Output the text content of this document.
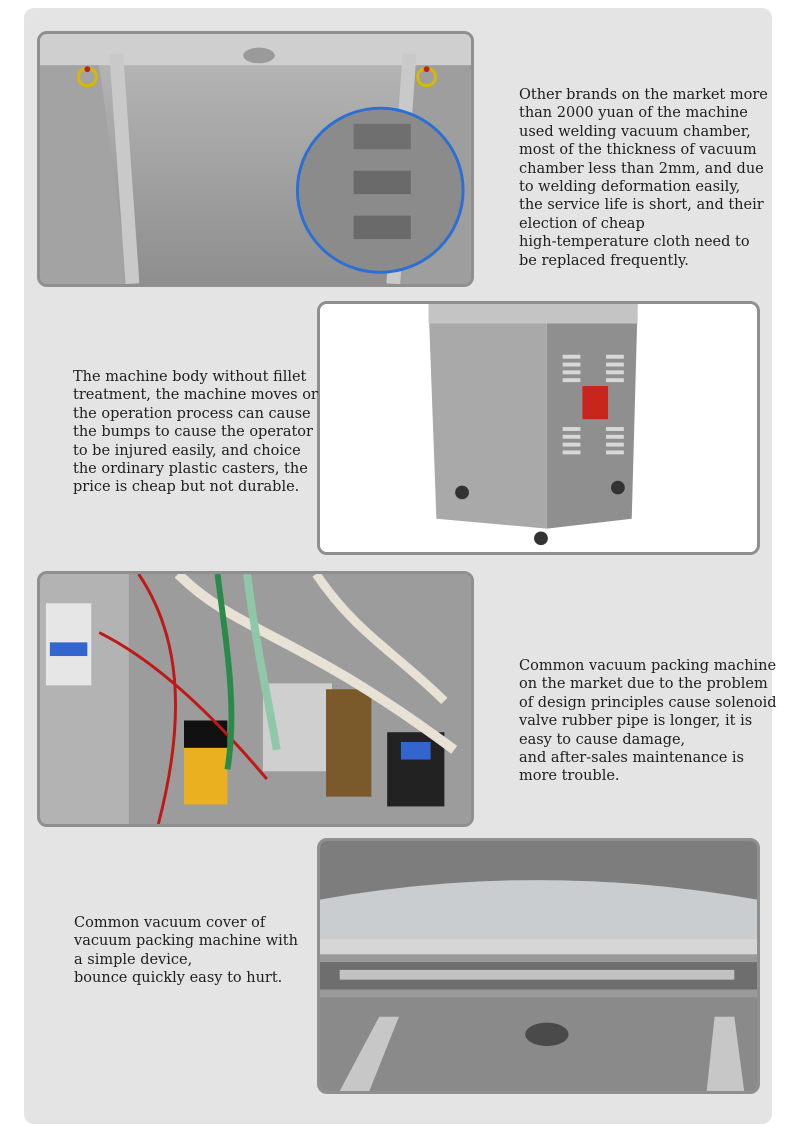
Other brands on the market more
than 2000 yuan of the machine
used welding vacuum chamber,
most of the thickness of vacuum
chamber less than 2mm, and due
to welding deformation easily,
the service life is short, and their
election of cheap
high-temperature cloth need to
be replaced frequently.
The machine body without fillet
treatment, the machine moves or
the operation process can cause
the bumps to cause the operator
to be injured easily, and choice
the ordinary plastic casters, the
price is cheap but not durable.
Common vacuum packing machine
on the market due to the problem
of design principles cause solenoid
valve rubber pipe is longer, it is
easy to cause damage,
and after-sales maintenance is
more trouble.
Common vacuum cover of
vacuum packing machine with
a simple device,
bounce quickly easy to hurt.
